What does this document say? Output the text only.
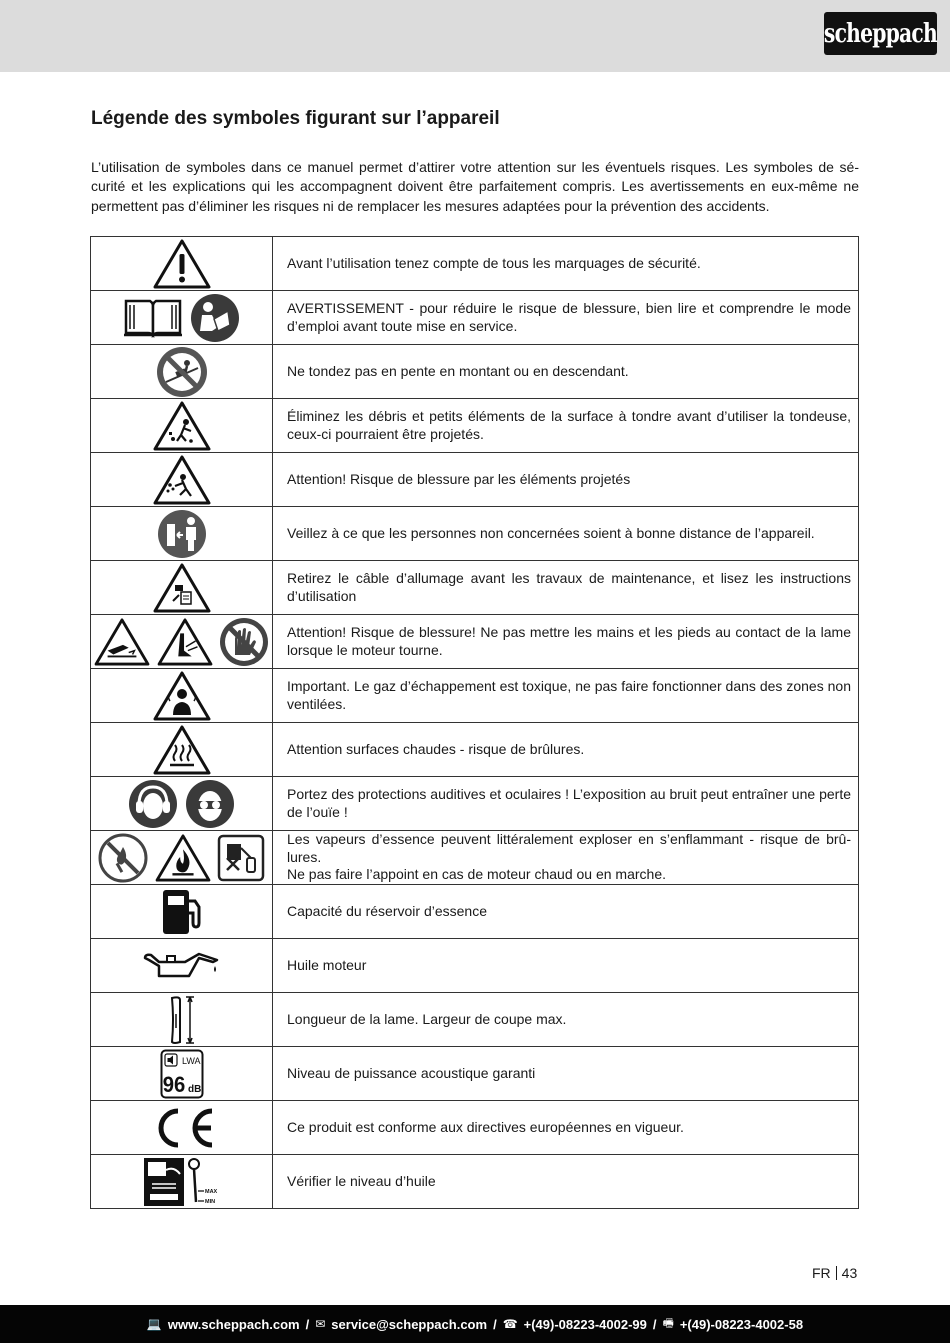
scheppach
Légende des symboles figurant sur l’appareil

L’utilisation de symboles dans ce manuel permet d’attirer votre attention sur les éventuels risques. Les symboles de sécurité et les explications qui les accompagnent doivent être parfaitement compris. Les avertissements en eux-même ne permettent pas d’éliminer les risques ni de remplacer les mesures adaptées pour la prévention des accidents.

	Avant l’utilisation tenez compte de tous les marquages de sécurité.
	AVERTISSEMENT - pour réduire le risque de blessure, bien lire et comprendre le mode d’emploi avant toute mise en service.
	Ne tondez pas en pente en montant ou en descendant.
	Éliminez les débris et petits éléments de la surface à tondre avant d’utiliser la tondeuse, ceux-ci pourraient être projetés.
	Attention! Risque de blessure par les éléments projetés
	Veillez à ce que les personnes non concernées soient à bonne distance de l’appareil.
	Retirez le câble d’allumage avant les travaux de maintenance, et lisez les instructions d’utilisation
	Attention! Risque de blessure! Ne pas mettre les mains et les pieds au contact de la lame lorsque le moteur tourne.
	Important. Le gaz d’échappement est toxique, ne pas faire fonctionner dans des zones non ventilées.
	Attention surfaces chaudes - risque de brûlures.
	Portez des protections auditives et oculaires ! L’exposition au bruit peut entraîner une perte de l’ouïe !
	Les vapeurs d’essence peuvent littéralement exploser en s’enflammant - risque de brûlures.
Ne pas faire l’appoint en cas de moteur chaud ou en marche.
	Capacité du réservoir d’essence
	Huile moteur
	Longueur de la lame. Largeur de coupe max.

LWA
96 dB	Niveau de puissance acoustique garanti
	Ce produit est conforme aux directives européennes en vigueur.

MAX
MIN	Vérifier le niveau d’huile
FR 43
💻 www.scheppach.com / ✉ service@scheppach.com / ☎ +(49)-08223-4002-99 / 🖷 +(49)-08223-4002-58
